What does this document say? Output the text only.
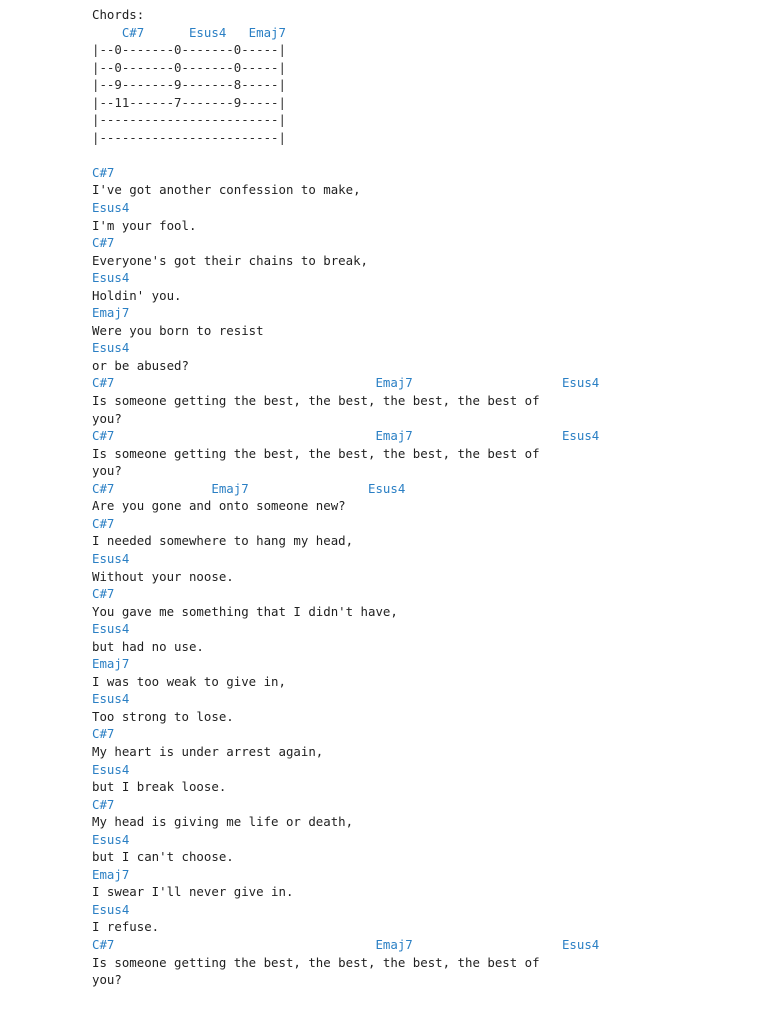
Chords:
C#7      Esus4   Emaj7
|--0-------0-------0-----|
|--0-------0-------0-----|
|--9-------9-------8-----|
|--11------7-------9-----|
|------------------------|
|------------------------|
C#7
I've got another confession to make,
Esus4
I'm your fool.
C#7
Everyone's got their chains to break,
Esus4
Holdin' you.
Emaj7
Were you born to resist
Esus4
or be abused?
C#7                                   Emaj7                    Esus4
Is someone getting the best, the best, the best, the best of
you?
C#7                                   Emaj7                    Esus4
Is someone getting the best, the best, the best, the best of
you?
C#7             Emaj7                Esus4
Are you gone and onto someone new?
C#7
I needed somewhere to hang my head,
Esus4
Without your noose.
C#7
You gave me something that I didn't have,
Esus4
but had no use.
Emaj7
I was too weak to give in,
Esus4
Too strong to lose.
C#7
My heart is under arrest again,
Esus4
but I break loose.
C#7
My head is giving me life or death,
Esus4
but I can't choose.
Emaj7
I swear I'll never give in.
Esus4
I refuse.
C#7                                   Emaj7                    Esus4
Is someone getting the best, the best, the best, the best of
you?
